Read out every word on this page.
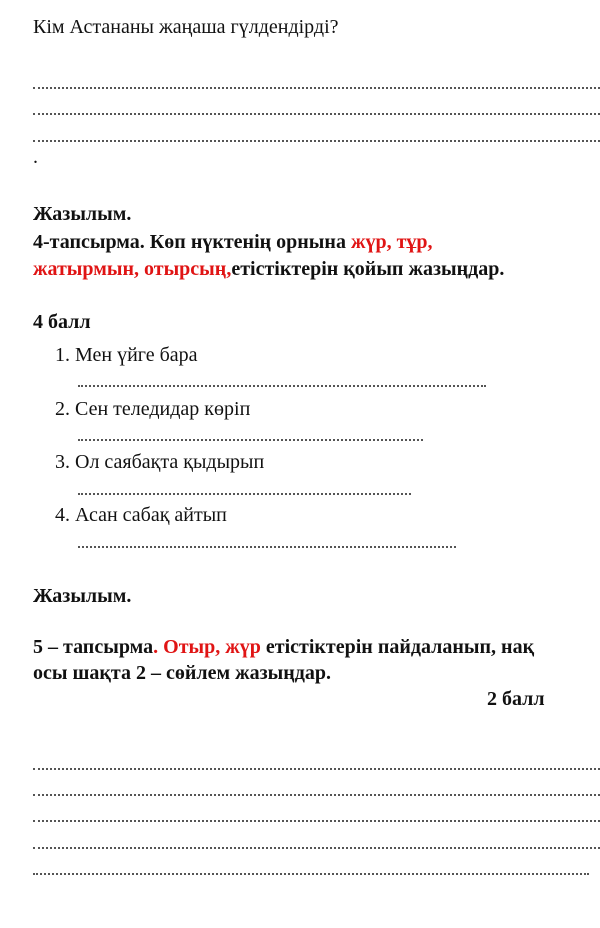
Кім Астананы жаңаша гүлдендірді?
.
Жазылым.
4-тапсырма. Көп нүктенің орнына жүр, тұр,
жатырмын, отырсың,етістіктерін қойып жазыңдар.
4 балл
1. Мен үйге бара
2. Сен теледидар көріп
3. Ол саябақта қыдырып
4. Асан сабақ айтып
Жазылым.
5 – тапсырма. Отыр, жүр етістіктерін пайдаланып, нақ
осы шақта 2 – сөйлем жазыңдар.
2 балл
